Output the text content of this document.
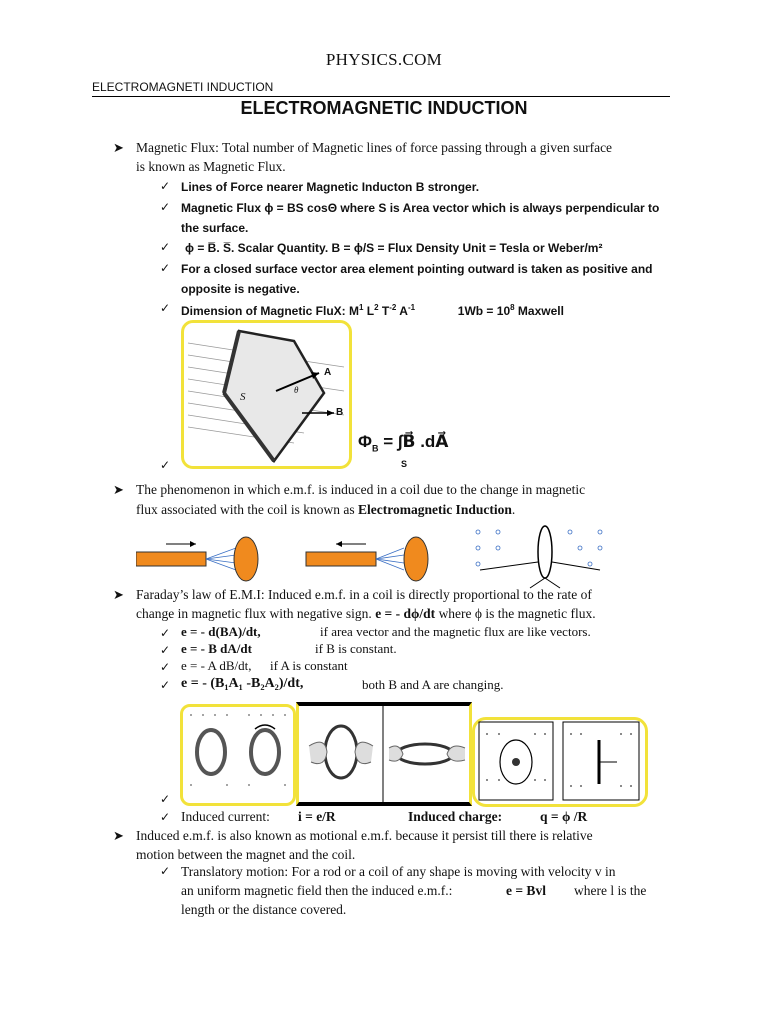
PHYSICS.COM
ELECTROMAGNETI INDUCTION
ELECTROMAGNETIC INDUCTION
➤ Magnetic Flux: Total number of Magnetic lines of force passing through a given surface
is known as Magnetic Flux.
✓ Lines of Force nearer Magnetic Inducton B stronger.
✓ Magnetic Flux ϕ = BS cosΘ where S is Area vector which is always perpendicular to
the surface.
✓ ϕ = B̅. S̅. Scalar Quantity. B = ϕ/S = Flux Density Unit = Tesla or Weber/m²
✓ For a closed surface vector area element pointing outward is taken as positive and
opposite is negative.
✓ Dimension of Magnetic FluX: $M^1$ $L^2$ $T^{-2}$ $A^{-1}$	$1Wb = 10^8$ Maxwell
A
B
S
θ
✓
$\Phi_B$ = ∫B⃗ .dA⃗
S
➤ The phenomenon in which e.m.f. is induced in a coil due to the change in magnetic
flux associated with the coil is known as Electromagnetic Induction.
➤ Faraday’s law of E.M.I: Induced e.m.f. in a coil is directly proportional to the rate of
change in magnetic flux with negative sign. e = - dϕ/dt where ϕ is the magnetic flux.
✓ e = - d(BA)/dt,	if area vector and the magnetic flux are like vectors.
✓ e = - B dA/dt	if B is constant.
✓ e = - A dB/dt, if A is constant
✓ e = - (B₁A₁ -B₂A₂)/dt,	both B and A are changing.
✓
✓ Induced current: i = e/R	Induced charge:	q = ϕ /R
➤ Induced e.m.f. is also known as motional e.m.f. because it persist till there is relative
motion between the magnet and the coil.
✓ Translatory motion: For a rod or a coil of any shape is moving with velocity v in
an uniform magnetic field then the induced e.m.f.:	e = Bvl where l is the
length or the distance covered.
